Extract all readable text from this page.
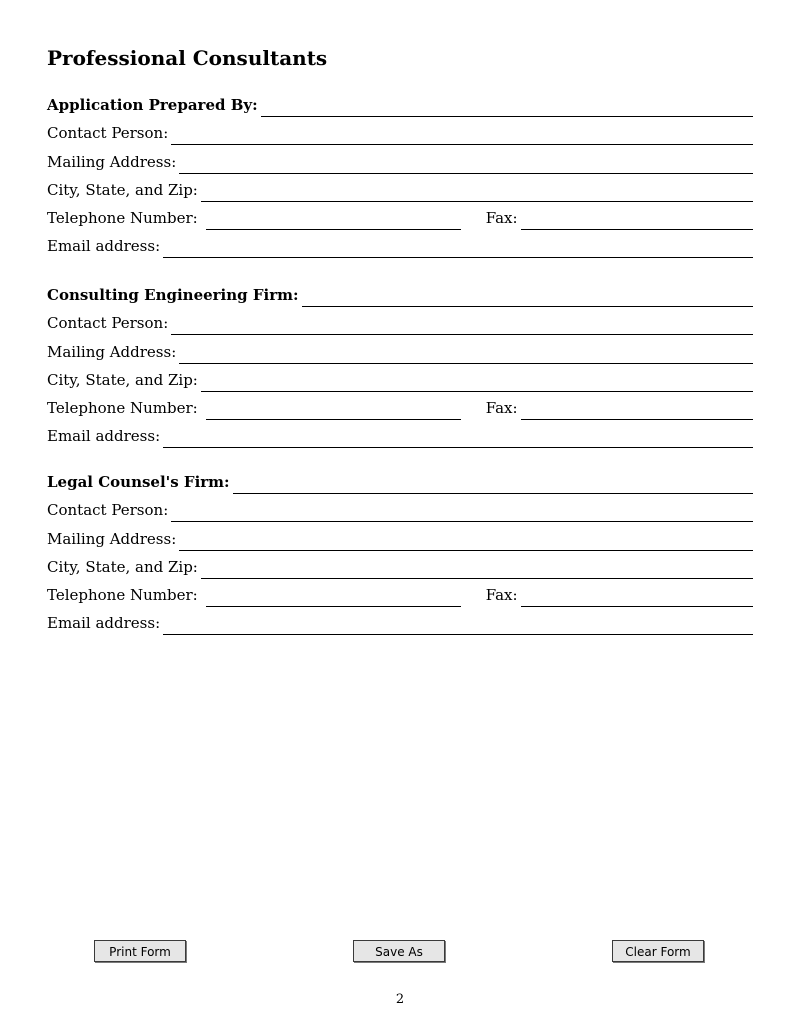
Professional Consultants
Application Prepared By:
Contact Person:
Mailing Address:
City, State, and Zip:
Telephone Number:	Fax:
Email address:
Consulting Engineering Firm:
Contact Person:
Mailing Address:
City, State, and Zip:
Telephone Number:	Fax:
Email address:
Legal Counsel's Firm:
Contact Person:
Mailing Address:
City, State, and Zip:
Telephone Number:	Fax:
Email address:
Print Form	Save As	Clear Form
2
